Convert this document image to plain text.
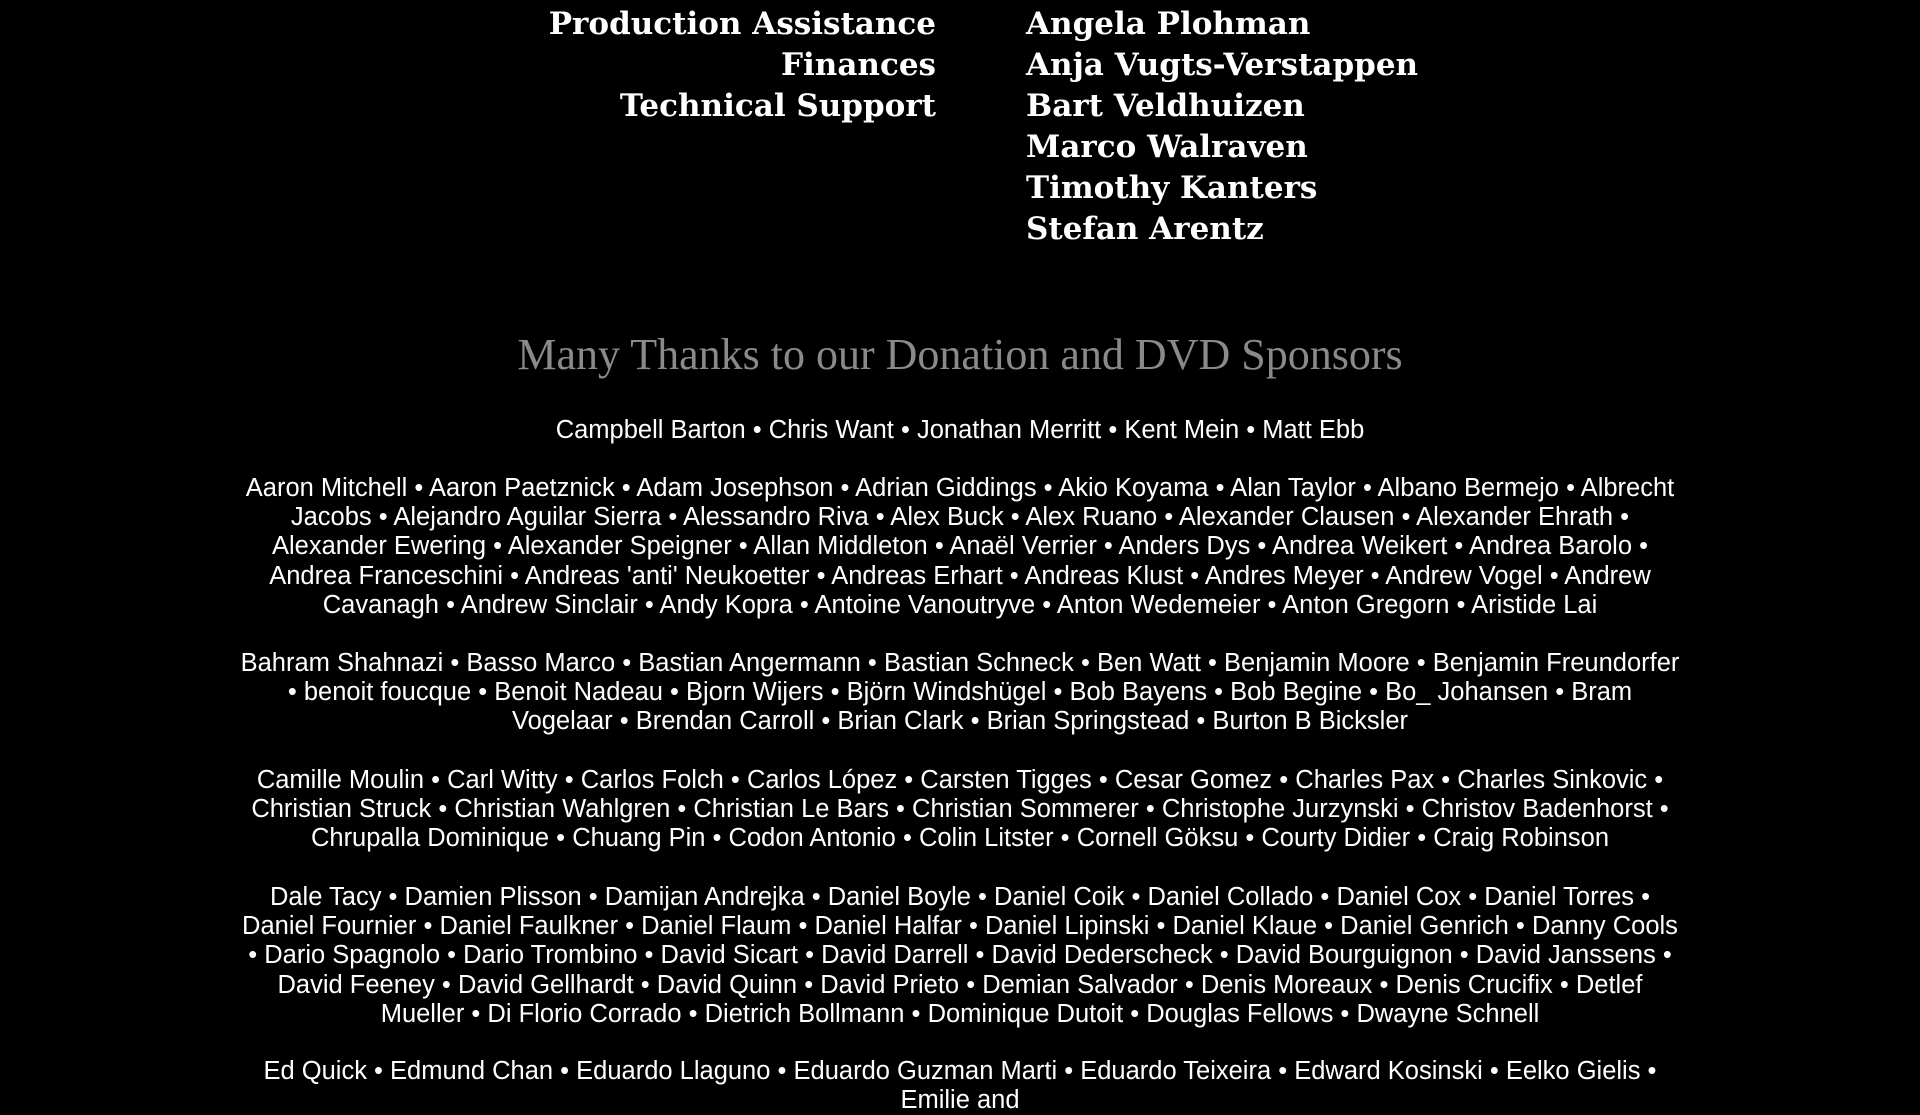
Production Assistance
Finances
Technical Support
Angela Plohman
Anja Vugts-Verstappen
Bart Veldhuizen
Marco Walraven
Timothy Kanters
Stefan Arentz
Many Thanks to our Donation and DVD Sponsors
Campbell Barton • Chris Want • Jonathan Merritt • Kent Mein • Matt Ebb
Aaron Mitchell • Aaron Paetznick • Adam Josephson • Adrian Giddings • Akio Koyama • Alan Taylor • Albano Bermejo • Albrecht Jacobs • Alejandro Aguilar Sierra • Alessandro Riva • Alex Buck • Alex Ruano • Alexander Clausen • Alexander Ehrath • Alexander Ewering • Alexander Speigner • Allan Middleton • Anaël Verrier • Anders Dys • Andrea Weikert • Andrea Barolo • Andrea Franceschini • Andreas 'anti' Neukoetter • Andreas Erhart • Andreas Klust • Andres Meyer • Andrew Vogel • Andrew Cavanagh • Andrew Sinclair • Andy Kopra • Antoine Vanoutryve • Anton Wedemeier • Anton Gregorn • Aristide Lai
Bahram Shahnazi • Basso Marco • Bastian Angermann • Bastian Schneck • Ben Watt • Benjamin Moore • Benjamin Freundorfer • benoit foucque • Benoit Nadeau • Bjorn Wijers • Björn Windshügel • Bob Bayens • Bob Begine • Bo_ Johansen • Bram Vogelaar • Brendan Carroll • Brian Clark • Brian Springstead • Burton B Bicksler
Camille Moulin • Carl Witty • Carlos Folch • Carlos López • Carsten Tigges • Cesar Gomez • Charles Pax • Charles Sinkovic • Christian Struck • Christian Wahlgren • Christian Le Bars • Christian Sommerer • Christophe Jurzynski • Christov Badenhorst • Chrupalla Dominique • Chuang Pin • Codon Antonio • Colin Litster • Cornell Göksu • Courty Didier • Craig Robinson
Dale Tacy • Damien Plisson • Damijan Andrejka • Daniel Boyle • Daniel Coik • Daniel Collado • Daniel Cox • Daniel Torres • Daniel Fournier • Daniel Faulkner • Daniel Flaum • Daniel Halfar • Daniel Lipinski • Daniel Klaue • Daniel Genrich • Danny Cools • Dario Spagnolo • Dario Trombino • David Sicart • David Darrell • David Dederscheck • David Bourguignon • David Janssens • David Feeney • David Gellhardt • David Quinn • David Prieto • Demian Salvador • Denis Moreaux • Denis Crucifix • Detlef Mueller • Di Florio Corrado • Dietrich Bollmann • Dominique Dutoit • Douglas Fellows • Dwayne Schnell
Ed Quick • Edmund Chan • Eduardo Llaguno • Eduardo Guzman Marti • Eduardo Teixeira • Edward Kosinski • Eelko Gielis • Emilie and
